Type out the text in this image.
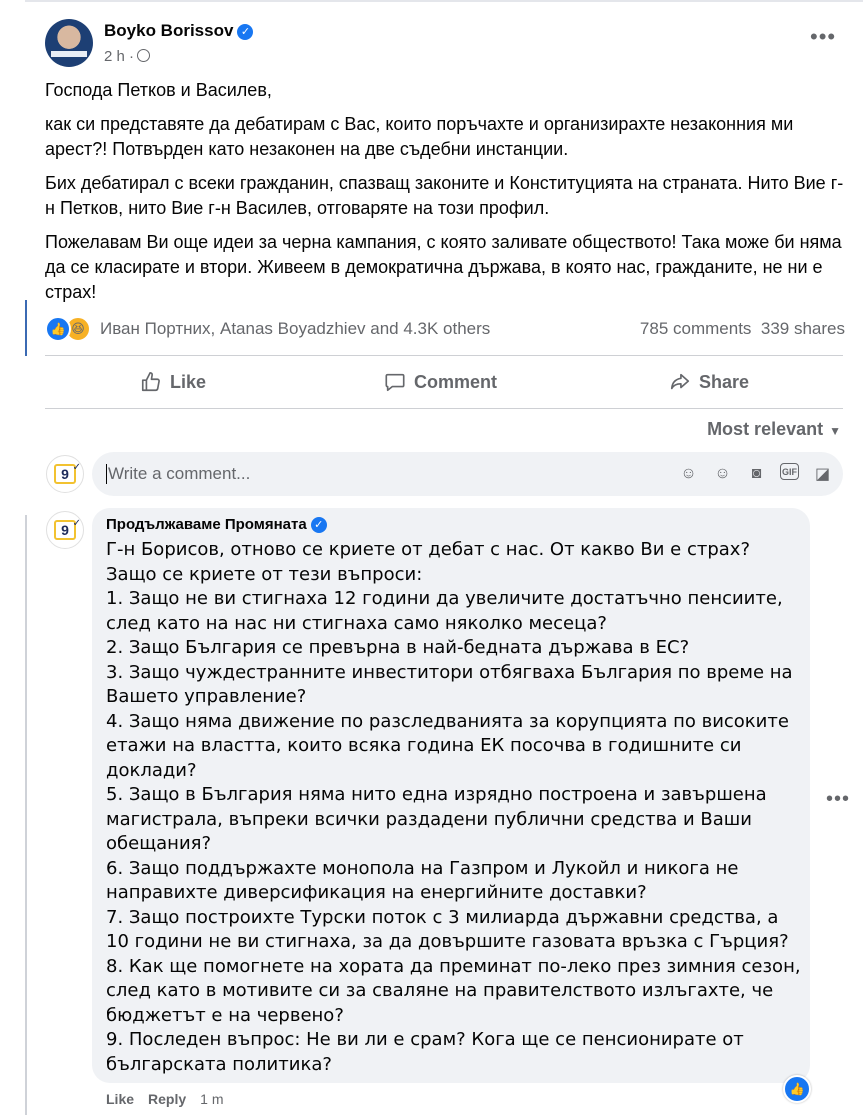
Boyko Borissov ✓
2 h ·
•••

Господа Петков и Василев,

как си представяте да дебатирам с Вас, които поръчахте и организирахте незаконния ми арест?! Потвърден като незаконен на две съдебни инстанции.

Бих дебатирал с всеки гражданин, спазващ законите и Конституцията на страната. Нито Вие г-н Петков, нито Вие г-н Василев, отговаряте на този профил.

Пожелавам Ви още идеи за черна кампания, с която заливате обществото! Така може би няма да се класирате и втори. Живеем в демократична държава, в която нас, гражданите, не ни е страх!

👍 😆 Иван Портних, Atanas Boyadzhiev and 4.3K others	785 comments 339 shares
Like	Comment	Share
Most relevant ▼
9 ✓ Write a comment...	☺ ☺	◙	GIF ◪
9 ✓ Продължаваме Промяната ✓
Г-н Борисов, отново се криете от дебат с нас. От какво Ви е страх?
Защо се криете от тези въпроси:
1. Защо не ви стигнаха 12 години да увеличите достатъчно пенсиите, след като на нас ни стигнаха само няколко месеца?
2. Защо България се превърна в най-бедната държава в ЕС?
3. Защо чуждестранните инвеститори отбягваха България по време на Вашето управление?
4. Защо няма движение по разследванията за корупцията по високите етажи на властта, които всяка година ЕК посочва в годишните си доклади?
5. Защо в България няма нито една изрядно построена и завършена магистрала, въпреки всички раздадени публични средства и Ваши обещания?
6. Защо поддържахте монопола на Газпром и Лукойл и никога не направихте диверсификация на енергийните доставки?
7. Защо построихте Турски поток с 3 милиарда държавни средства, а 10 години не ви стигнаха, за да довършите газовата връзка с Гърция?
8. Как ще помогнете на хората да преминат по-леко през зимния сезон, след като в мотивите си за сваляне на правителството излъгахте, че бюджетът е на червено?
9. Последен въпрос: Не ви ли е срам? Кога ще се пенсионирате от българската политика?
•••
👍
Like Reply 1 m
